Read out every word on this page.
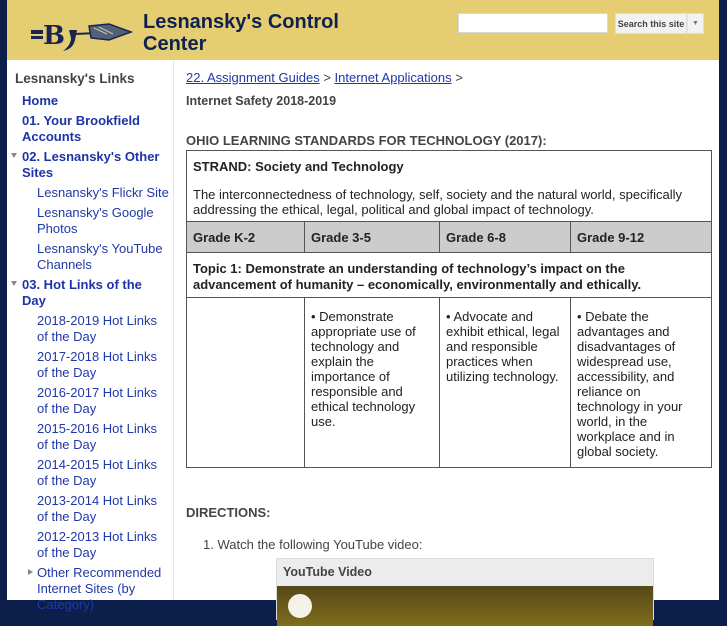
B	Lesnansky's Control Center
Search this site	▼
Lesnansky's Links
Home
01. Your Brookfield Accounts
02. Lesnansky's Other Sites
Lesnansky's Flickr Site
Lesnansky's Google Photos
Lesnansky's YouTube Channels
03. Hot Links of the Day
2018-2019 Hot Links of the Day
2017-2018 Hot Links of the Day
2016-2017 Hot Links of the Day
2015-2016 Hot Links of the Day
2014-2015 Hot Links of the Day
2013-2014 Hot Links of the Day
2012-2013 Hot Links of the Day
Other Recommended Internet Sites (by Category)
22. Assignment Guides > Internet Applications >
Internet Safety 2018-2019
OHIO LEARNING STANDARDS FOR TECHNOLOGY (2017):
STRAND: Society and Technology
The interconnectedness of technology, self, society and the natural world, specifically addressing the ethical, legal, political and global impact of technology.			

Grade K-2	Grade 3-5	Grade 6-8	Grade 9-12
Topic 1: Demonstrate an understanding of technology’s impact on the advancement of humanity – economically, environmentally and ethically.			
	• Demonstrate appropriate use of technology and explain the importance of responsible and ethical technology use.	• Advocate and exhibit ethical, legal and responsible practices when utilizing technology.	• Debate the advantages and disadvantages of widespread use, accessibility, and reliance on technology in your world, in the workplace and in global society.
DIRECTIONS:
1. Watch the following YouTube video:
YouTube Video
